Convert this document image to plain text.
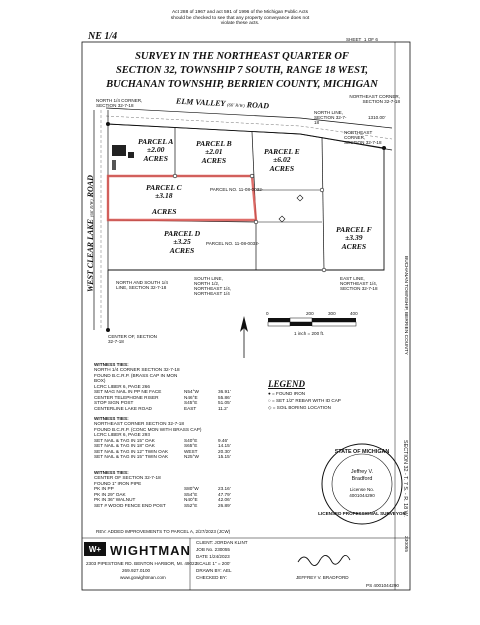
NE 1/4
Act 288 of 1967 and act 591 of 1996 of the Michigan Public Acts should be checked to see that any property conveyance does not violate these acts.
SHEET 1 OF 6
SURVEY IN THE NORTHEAST QUARTER OF
SECTION 32, TOWNSHIP 7 SOUTH, RANGE 18 WEST,
BUCHANAN TOWNSHIP, BERRIEN COUNTY, MICHIGAN
NORTH 1/4 CORNER, SECTION 32-7-18
NORTHEAST CORNER, SECTION 32-7-18
ELM VALLEY (66' R/W) ROAD
NORTH LINE, SECTION 32-7-18
NORTHEAST CORNER, SECTION 32-7-18
1310.00'
WEST CLEAR LAKE (66' R/W) ROAD
PARCEL A
±2.00
ACRES
PARCEL B
±2.01
ACRES
PARCEL E
±6.02
ACRES
PARCEL C
±3.18
ACRES
PARCEL D
±3.25
ACRES
PARCEL F
±3.39
ACRES
PARCEL NO. 11-08-0032-
PARCEL NO. 11-08-0032-
SOUTH LINE, NORTH 1/2, NORTHEAST 1/4, NORTHEAST 1/4
EAST LINE, NORTHEAST 1/4, SECTION 32-7-18
NORTH AND SOUTH 1/4 LINE, SECTION 32-7-18
CENTER OF, SECTION 32-7-18
0	200	300	400
1 inch = 200 ft.
WITNESS TIES:
NORTH 1/4 CORNER SECTION 32-7-18
FOUND B.C.R.P. (BRASS CAP IN MON BOX)
LCRC LIBER 6, PAGE 266
SET MAG NAIL IN PP NE FACE	N54°W	36.91'
CENTER TELEPHONE RISER	N46°E	55.86'
STOP SIGN POST	S45°E	51.05'
CENTERLINE LAKE ROAD	EAST	11.2'
WITNESS TIES:
NORTHEAST CORNER SECTION 32-7-18
FOUND B.C.R.P. (CONC MON WITH BRASS CAP)
LCRC LIBER 6, PAGE 293
SET NAIL & TAG IN 15" OAK	S40°E	9.46'
SET NAIL & TAG IN 18" OAK	S65°E	14.15'
SET NAIL & TAG IN 12" TWIN OAK	WEST	20.30'
SET NAIL & TAG IN 15" TWIN OAK	N25°W	15.15'
WITNESS TIES:
CENTER OF SECTION 32-7-18
FOUND 1" IRON PIPE
PK IN PP	S80°W	23.16'
PK IN 29" OAK	S54°E	47.79'
PK IN 36" WALNUT	N40°E	42.06'
SET # WOOD FENCE END POST	S52°E	26.89'
LEGEND
● = FOUND IRON
○ = SET 1/2" REBAR WITH ID CAP
◇ = SOIL BORING LOCATION
STATE OF MICHIGAN
Jeffrey V.
Bradford
License No.
4001044290
LICENSED PROFESSIONAL SURVEYOR
REV: ADDED IMPROVEMENTS TO PARCEL A, 2/27/2023 (JCW)
W+ WIGHTMAN
2303 PIPESTONE RD. BENTON HARBOR, MI. 49022
269.927.0100
www.gowightman.com
CLIENT: JORDAN KLINT
JOB No. 230055
DATE 1/24/2023
SCALE 1" = 200'
DRAWN BY: AEL
CHECKED BY:	JEFFREY V. BRADFORD
PS 4001044290
BUCHANAN TOWNSHIP, BERRIEN COUNTY
SECTION 32 - T. 7 S. - R. 18 W.
230055
